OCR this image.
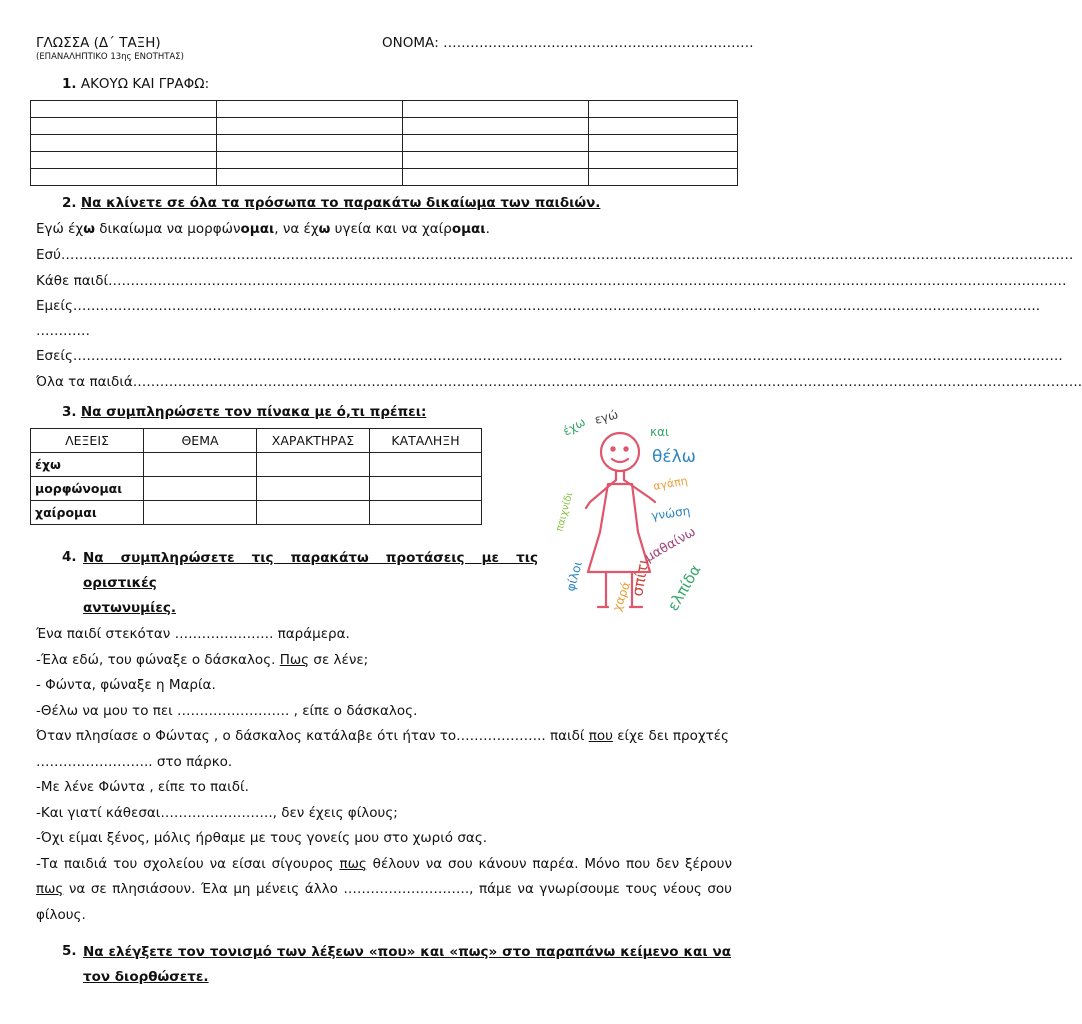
ΓΛΩΣΣΑ (Δ΄ ΤΑΞΗ)
(ΕΠΑΝΑΛΗΠΤΙΚΟ 13ης ΕΝΟΤΗΤΑΣ)
ΟΝΟΜΑ: ……………………………………………………………
1. ΑΚΟΥΩ ΚΑΙ ΓΡΑΦΩ:

2. Να κλίνετε σε όλα τα πρόσωπα το παρακάτω δικαίωμα των παιδιών.
Εγώ έχω δικαίωμα να μορφώνομαι, να έχω υγεία και να χαίρομαι.
Εσύ………………………………………………………………………………………………………………………………………………………………………………………………………
Κάθε παιδί……………………………………………………………………………………………………………………………………………………………………………………………
Εμείς……………………………………………………………………………………………………………………………………………………………………………………………..
…………
Εσείς………………………………………………………………………………………………………………………………………………………………………………………………….
Όλα τα παιδιά………………………………………………………………………………………………………………………………………………………………………………………….
3. Να συμπληρώσετε τον πίνακα με ό,τι πρέπει:
ΛΕΞΕΙΣ	ΘΕΜΑ	ΧΑΡΑΚΤΗΡΑΣ	ΚΑΤΑΛΗΞΗ
έχω			
μορφώνομαι			
χαίρομαι			
έχω εγώ
και
θέλω
αγάπη
γνώση
μαθαίνω
σπίτι ελπίδα
χαρά
φίλοι
παιχνίδι
4. Να συμπληρώσετε τις παρακάτω προτάσεις με τις οριστικές
αντωνυμίες.
Ένα παιδί στεκόταν …………………. παράμερα.
-Έλα εδώ, του φώναξε ο δάσκαλος. Πως σε λένε;
- Φώντα, φώναξε η Μαρία.
-Θέλω να μου το πει ……………………. , είπε ο δάσκαλος.
Όταν πλησίασε ο Φώντας , ο δάσκαλος κατάλαβε ότι ήταν το……………….. παιδί που είχε δει προχτές
…………………….. στο πάρκο.
-Με λένε Φώντα , είπε το παιδί.
-Και γιατί κάθεσαι……………………., δεν έχεις φίλους;
-Όχι είμαι ξένος, μόλις ήρθαμε με τους γονείς μου στο χωριό σας.
-Τα παιδιά του σχολείου να είσαι σίγουρος πως θέλουν να σου κάνουν παρέα. Μόνο που δεν ξέρουν πως να σε πλησιάσουν. Έλα μη μένεις άλλο ………………………., πάμε να γνωρίσουμε τους νέους σου φίλους.
5. Να ελέγξετε τον τονισμό των λέξεων «που» και «πως» στο παραπάνω κείμενο και να τον διορθώσετε.
